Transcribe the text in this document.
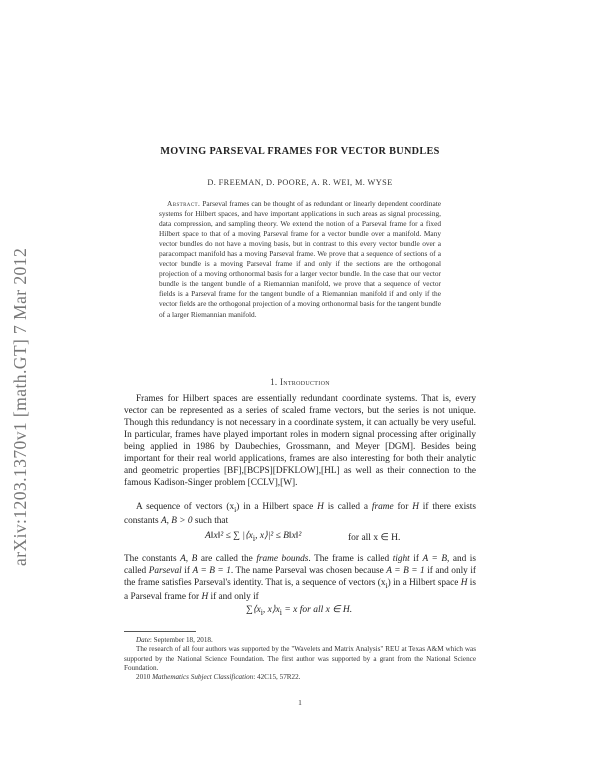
arXiv:1203.1370v1 [math.GT] 7 Mar 2012
MOVING PARSEVAL FRAMES FOR VECTOR BUNDLES
D. FREEMAN, D. POORE, A. R. WEI, M. WYSE
Abstract. Parseval frames can be thought of as redundant or linearly dependent coordinate systems for Hilbert spaces, and have important applications in such areas as signal processing, data compression, and sampling theory. We extend the notion of a Parseval frame for a fixed Hilbert space to that of a moving Parseval frame for a vector bundle over a manifold. Many vector bundles do not have a moving basis, but in contrast to this every vector bundle over a paracompact manifold has a moving Parseval frame. We prove that a sequence of sections of a vector bundle is a moving Parseval frame if and only if the sections are the orthogonal projection of a moving orthonormal basis for a larger vector bundle. In the case that our vector bundle is the tangent bundle of a Riemannian manifold, we prove that a sequence of vector fields is a Parseval frame for the tangent bundle of a Riemannian manifold if and only if the vector fields are the orthogonal projection of a moving orthonormal basis for the tangent bundle of a larger Riemannian manifold.
1. Introduction

Frames for Hilbert spaces are essentially redundant coordinate systems. That is, every vector can be represented as a series of scaled frame vectors, but the series is not unique. Though this redundancy is not necessary in a coordinate system, it can actually be very useful. In particular, frames have played important roles in modern signal processing after originally being applied in 1986 by Daubechies, Grossmann, and Meyer [DGM]. Besides being important for their real world applications, frames are also interesting for both their analytic and geometric properties [BF],[BCPS][DFKLOW],[HL] as well as their connection to the famous Kadison-Singer problem [CCLV],[W].

A sequence of vectors $(x_i)$ in a Hilbert space H is called a frame for H if there exists constants A, B > 0 such that

A‖x‖² ≤ ∑ $|⟨x_i$, x⟩|² ≤ B‖x‖²	for all x ∈ H.

The constants A, B are called the frame bounds. The frame is called tight if A = B, and is called Parseval if A = B = 1. The name Parseval was chosen because A = B = 1 if and only if the frame satisfies Parseval's identity. That is, a sequence of vectors $(x_i)$ in a Hilbert space H is a Parseval frame for H if and only if

$\sum⟨x_i$, $x⟩x_i = x$ for all x ∈ H.

Date: September 18, 2018.

The research of all four authors was supported by the "Wavelets and Matrix Analysis" REU at Texas A&M which was supported by the National Science Foundation. The first author was supported by a grant from the National Science Foundation.

2010 Mathematics Subject Classification: 42C15, 57R22.

1
